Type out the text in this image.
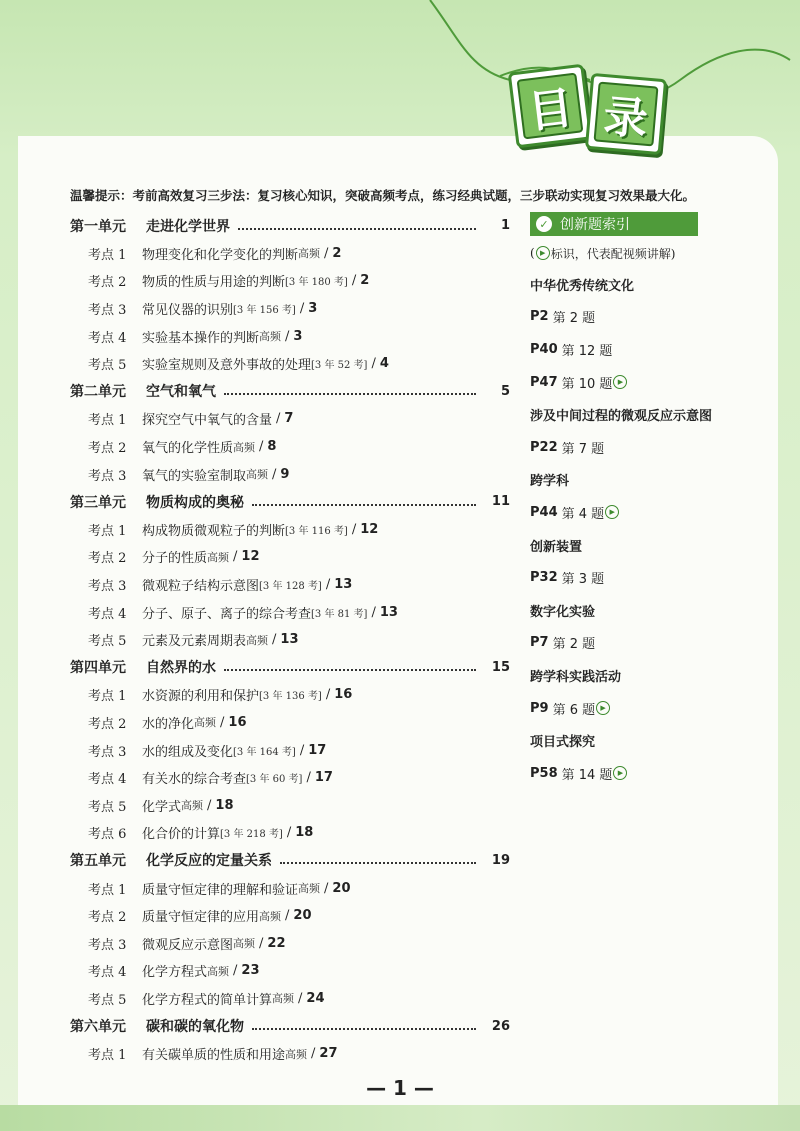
目 录
温馨提示：考前高效复习三步法：复习核心知识，突破高频考点，练习经典试题，三步联动实现复习效果最大化。
第一单元	走进化学世界	1
考点 1	物理变化和化学变化的判断 高频 / 2
考点 2	物质的性质与用途的判断 [3 年 180 考] / 2
考点 3	常见仪器的识别 [3 年 156 考] / 3
考点 4	实验基本操作的判断 高频 / 3
考点 5	实验室规则及意外事故的处理 [3 年 52 考] / 4
第二单元	空气和氧气	5
考点 1	探究空气中氧气的含量 / 7
考点 2	氧气的化学性质 高频 / 8
考点 3	氧气的实验室制取 高频 / 9
第三单元	物质构成的奥秘	11
考点 1	构成物质微观粒子的判断 [3 年 116 考] / 12
考点 2	分子的性质 高频 / 12
考点 3	微观粒子结构示意图 [3 年 128 考] / 13
考点 4	分子、原子、离子的综合考查 [3 年 81 考] / 13
考点 5	元素及元素周期表 高频 / 13
第四单元	自然界的水	15
考点 1	水资源的利用和保护 [3 年 136 考] / 16
考点 2	水的净化 高频 / 16
考点 3	水的组成及变化 [3 年 164 考] / 17
考点 4	有关水的综合考查 [3 年 60 考] / 17
考点 5	化学式 高频 / 18
考点 6	化合价的计算 [3 年 218 考] / 18
第五单元	化学反应的定量关系	19
考点 1	质量守恒定律的理解和验证 高频 / 20
考点 2	质量守恒定律的应用 高频 / 20
考点 3	微观反应示意图 高频 / 22
考点 4	化学方程式 高频 / 23
考点 5	化学方程式的简单计算 高频 / 24
第六单元	碳和碳的氧化物	26
考点 1	有关碳单质的性质和用途 高频 / 27
✓ 创新题索引
( ▶ 标识，代表配视频讲解)
中华优秀传统文化
P2 第 2 题
P40 第 12 题
P47 第 10 题 ▶
涉及中间过程的微观反应示意图
P22 第 7 题
跨学科
P44 第 4 题 ▶
创新装置
P32 第 3 题
数字化实验
P7 第 2 题
跨学科实践活动
P9 第 6 题 ▶
项目式探究
P58 第 14 题 ▶
— 1 —
